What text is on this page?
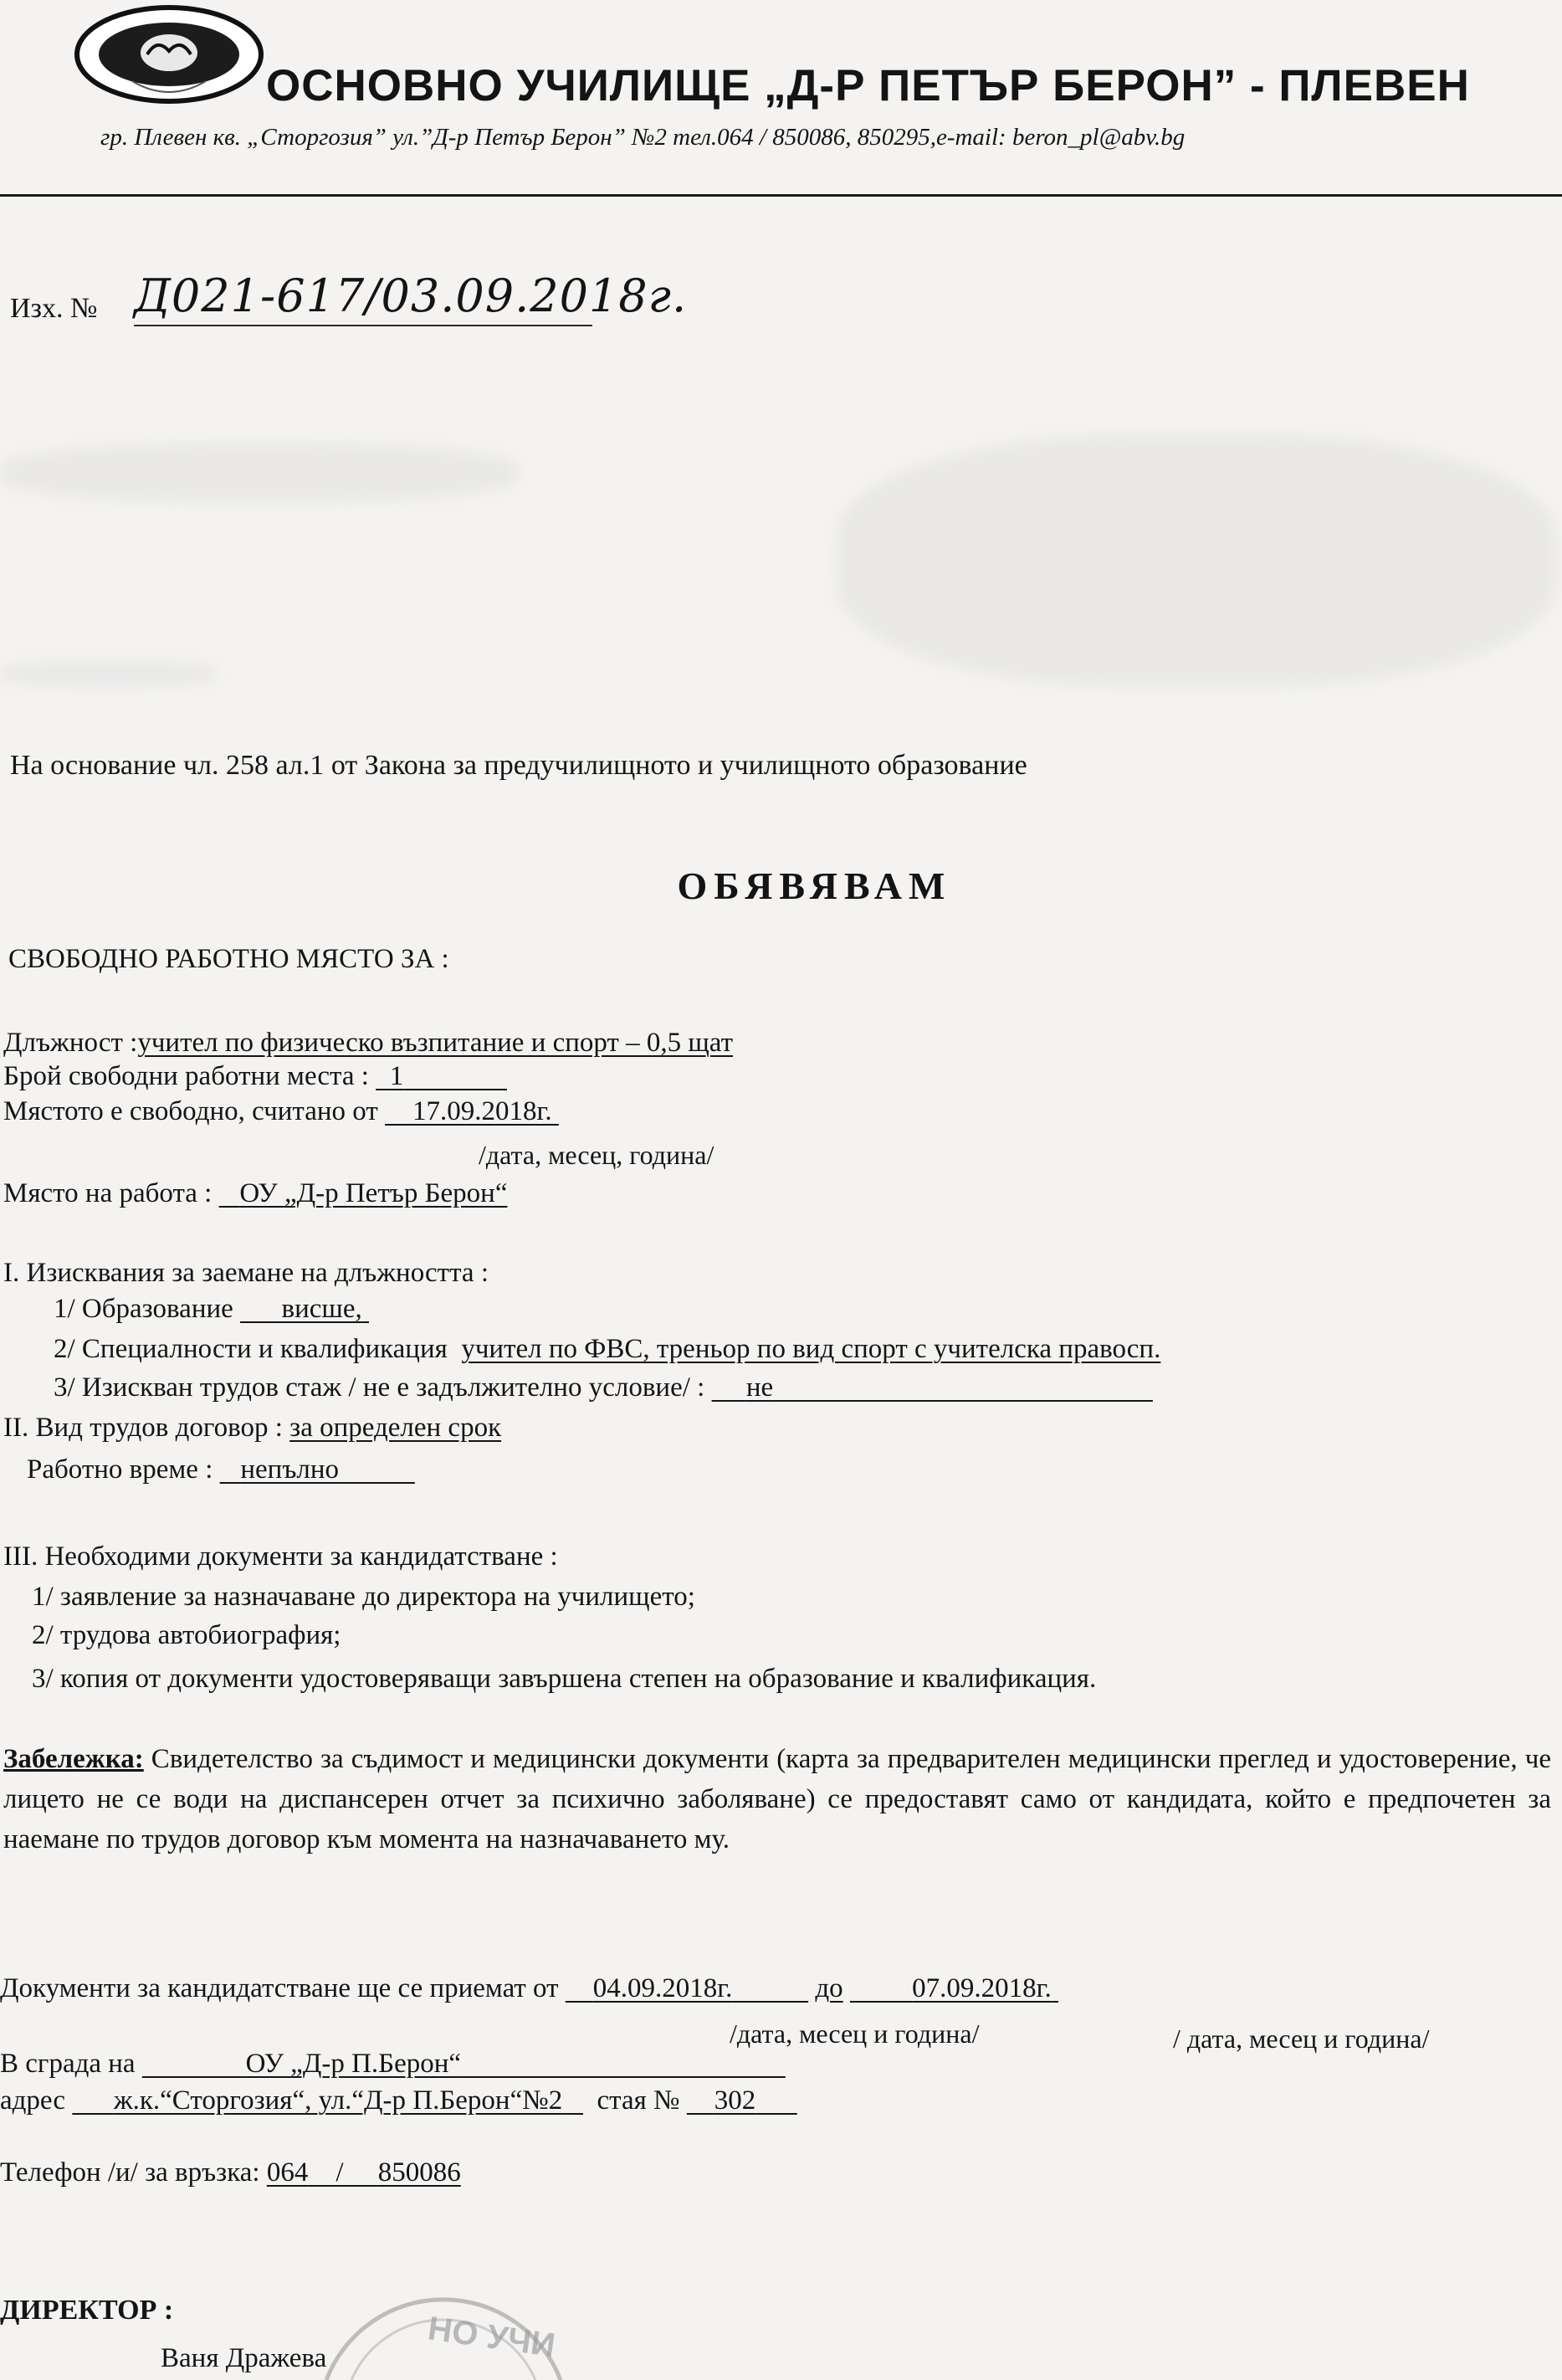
ОСНОВНО УЧИЛИЩЕ „Д-Р ПЕТЪР БЕРОН” - ПЛЕВЕН
гр. Плевен кв. „Сторгозия” ул.”Д-р Петър Берон” №2 тел.064 / 850086, 850295,e-mail: beron_pl@abv.bg
Изх. № Д021-617/03.09.2018г.
На основание чл. 258 ал.1 от Закона за предучилищното и училищното образование
ОБЯВЯВАМ
СВОБОДНО РАБОТНО МЯСТО ЗА :
Длъжност :учител по физическо възпитание и спорт – 0,5 щат
Брой свободни работни места : 1
Мястото е свободно, считано от 17.09.2018г.
/дата, месец, година/
Място на работа : ОУ „Д-р Петър Берон“
I. Изисквания за заемане на длъжността :
1/ Образование висше,
2/ Специалности и квалификация учител по ФВС, треньор по вид спорт с учителска правосп.
3/ Изискван трудов стаж / не е задължително условие/ : не
II. Вид трудов договор : за определен срок
Работно време : непълно
III. Необходими документи за кандидатстване :
1/ заявление за назначаване до директора на училището;
2/ трудова автобиография;
3/ копия от документи удостоверяващи завършена степен на образование и квалификация.
Забележка: Свидетелство за съдимост и медицински документи (карта за предварителен медицински преглед и удостоверение, че лицето не се води на диспансерен отчет за психично заболяване) се предоставят само от кандидата, който е предпочетен за наемане по трудов договор към момента на назначаването му.
Документи за кандидатстване ще се приемат от 04.09.2018г.	до	07.09.2018г.
/дата, месец и година/	/ дата, месец и година/
В сграда на	ОУ „Д-р П.Берон“
адрес ж.к.“Сторгозия“, ул.“Д-р П.Берон“№2 стая № 302
Телефон /и/ за връзка: 064    /     850086
ДИРЕКТОР :
Ваня Дражева	НО УЧИ
